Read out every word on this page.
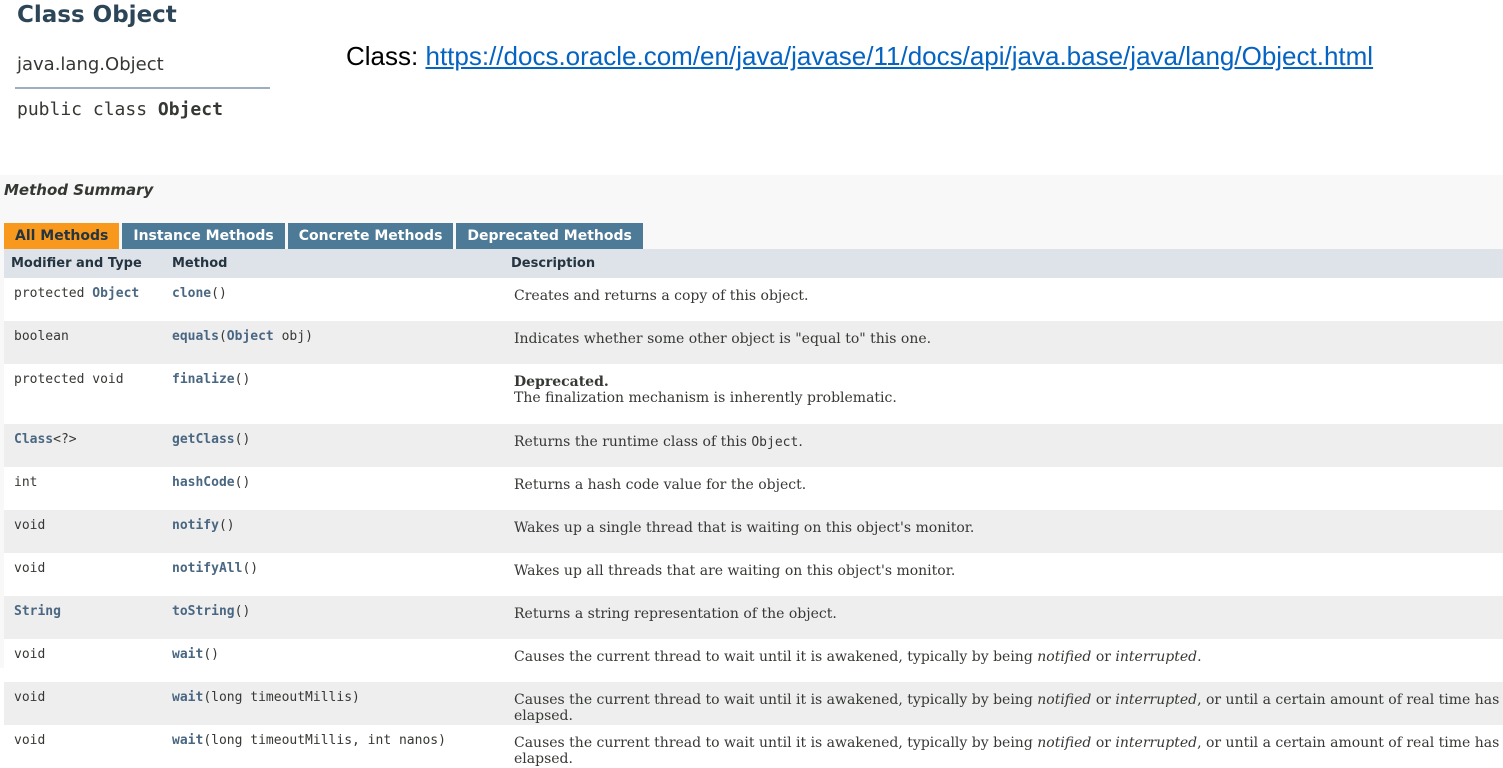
Class Object
java.lang.Object
public class Object
Class: https://docs.oracle.com/en/java/javase/11/docs/api/java.base/java/lang/Object.html
Method Summary
All Methods	Instance Methods	Concrete Methods	Deprecated Methods
Modifier and Type	Method	Description
protected Object	clone()	Creates and returns a copy of this object.
boolean	equals(Object obj)	Indicates whether some other object is "equal to" this one.
protected void	finalize()	Deprecated.
The finalization mechanism is inherently problematic.
Class<?>	getClass()	Returns the runtime class of this Object.
int	hashCode()	Returns a hash code value for the object.
void	notify()	Wakes up a single thread that is waiting on this object's monitor.
void	notifyAll()	Wakes up all threads that are waiting on this object's monitor.
String	toString()	Returns a string representation of the object.
void	wait()	Causes the current thread to wait until it is awakened, typically by being notified or interrupted.
void	wait(long timeoutMillis)	Causes the current thread to wait until it is awakened, typically by being notified or interrupted, or until a certain amount of real time has elapsed.
void	wait(long timeoutMillis, int nanos)	Causes the current thread to wait until it is awakened, typically by being notified or interrupted, or until a certain amount of real time has elapsed.
